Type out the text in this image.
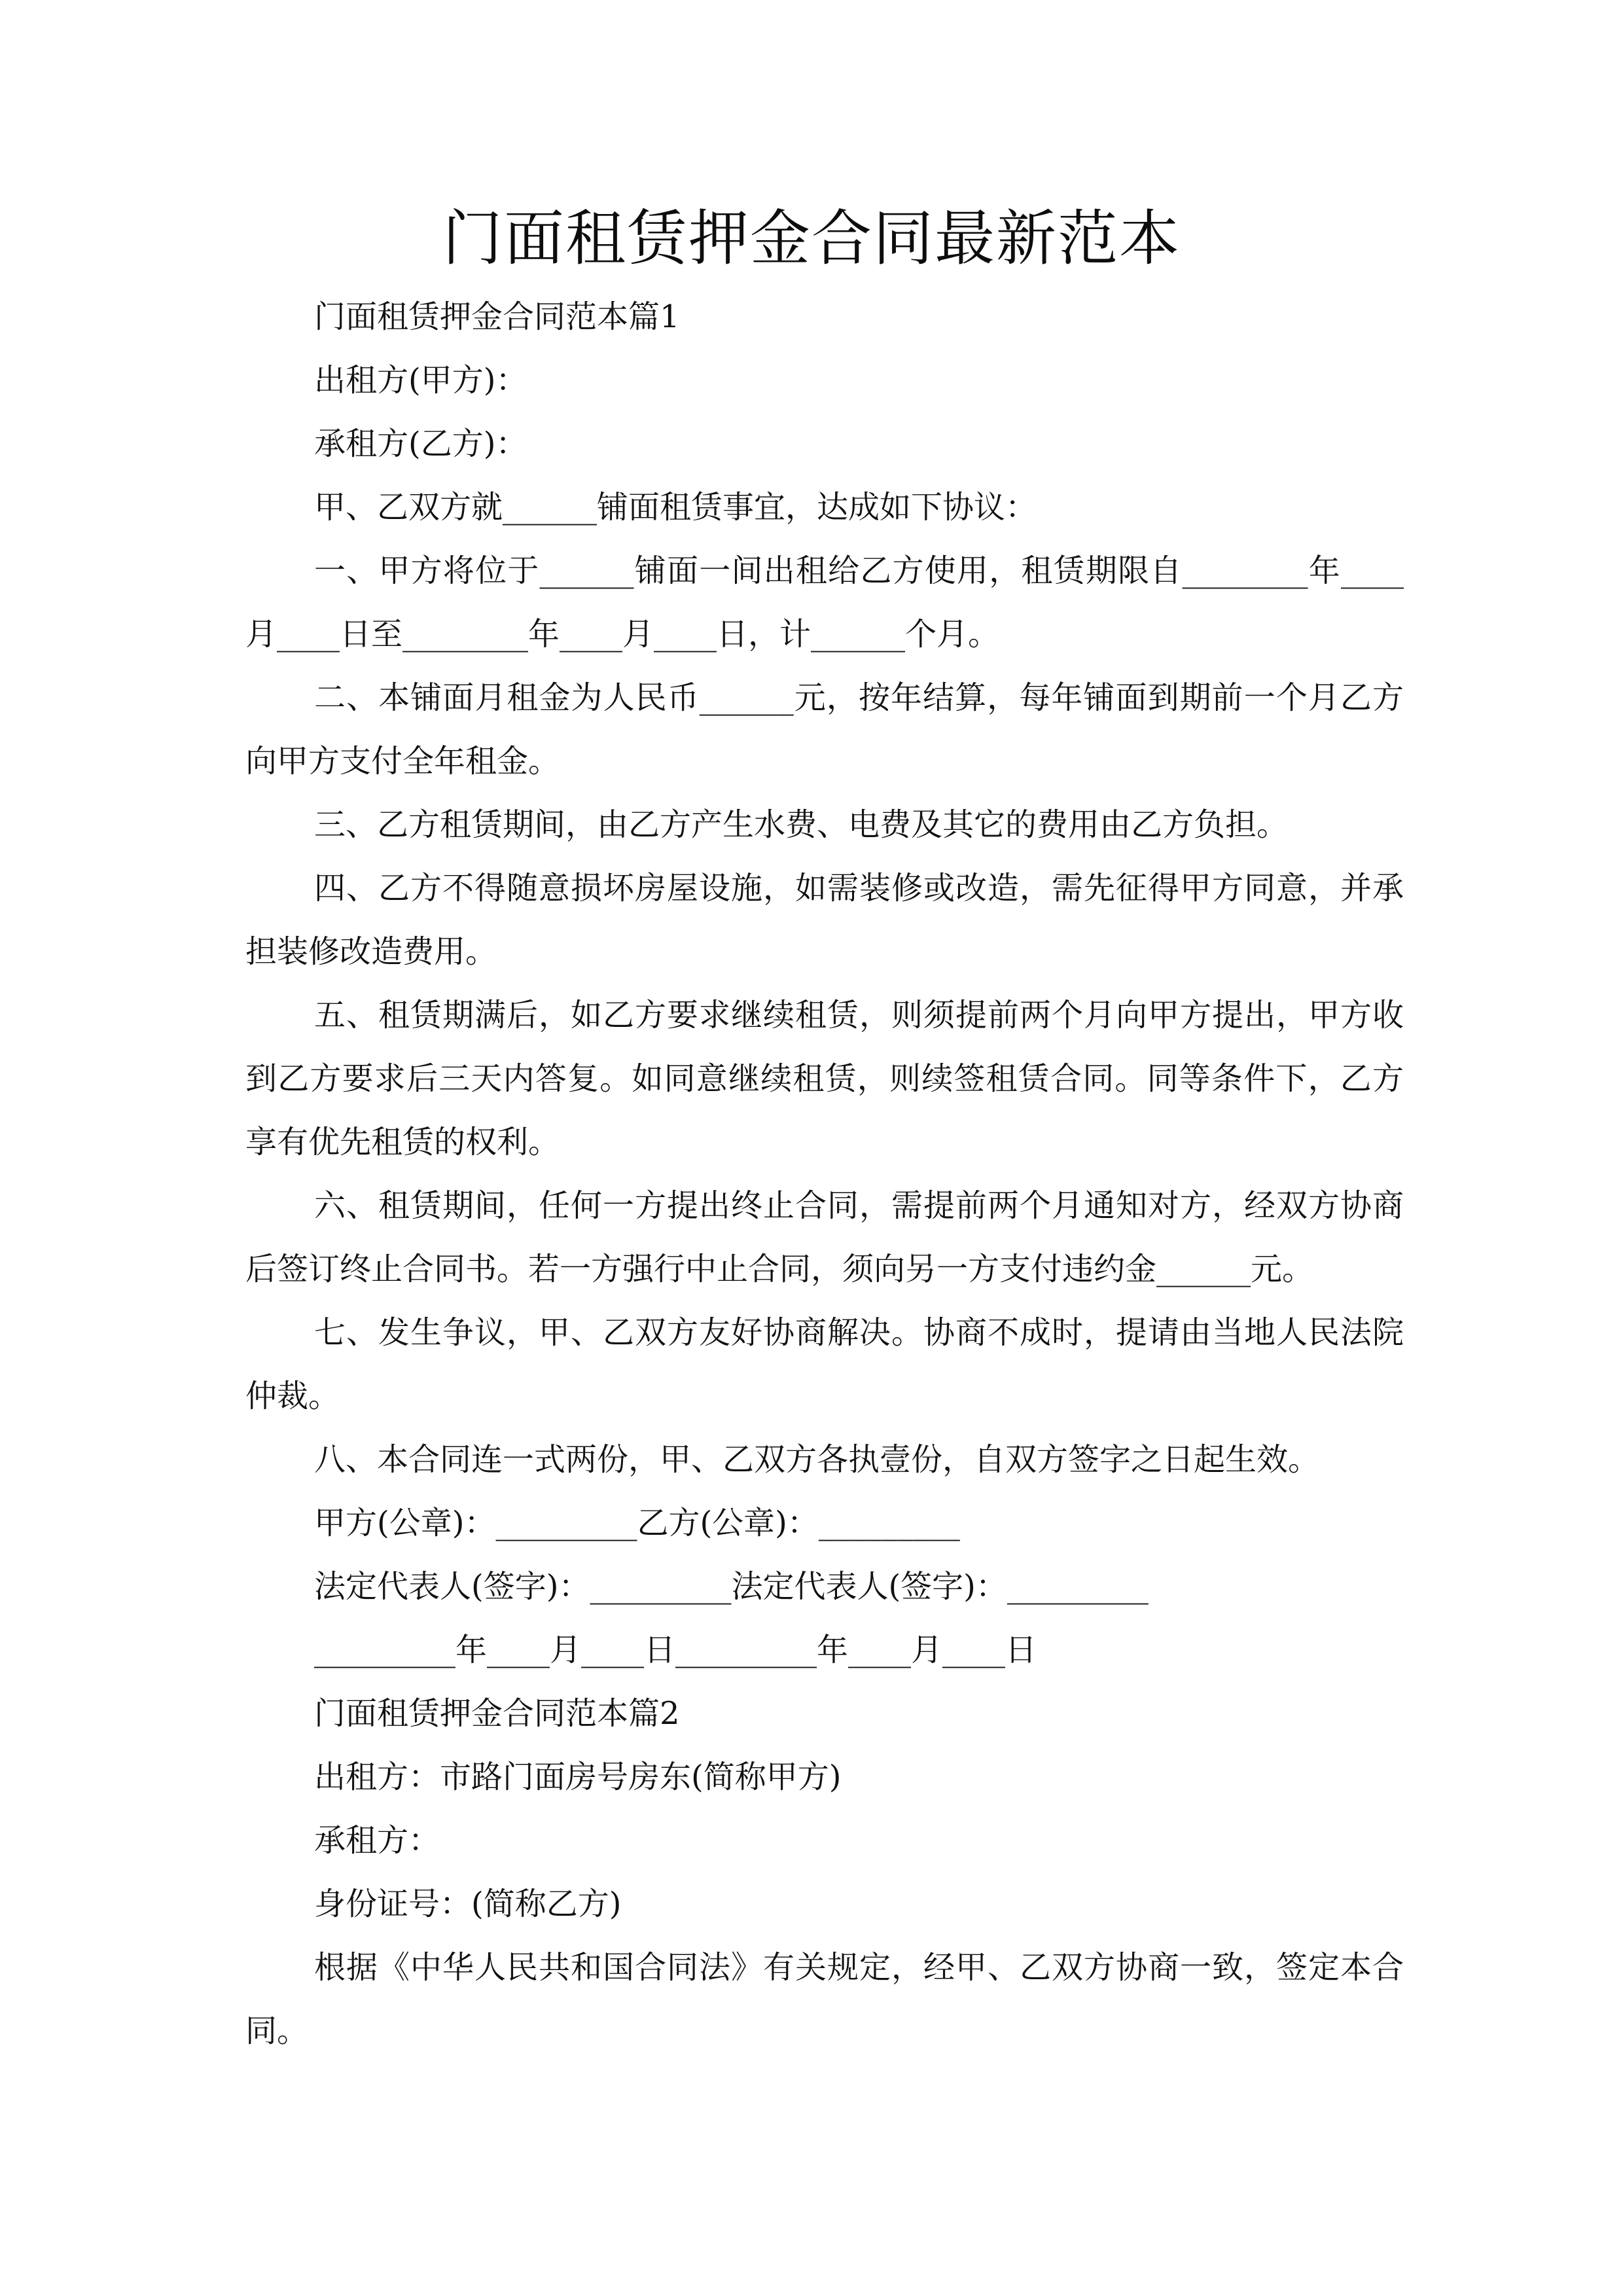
门面租赁押金合同最新范本

门面租赁押金合同范本篇1

出租方(甲方)：

承租方(乙方)：

甲、乙双方就______铺面租赁事宜，达成如下协议：

一、甲方将位于______铺面一间出租给乙方使用，租赁期限自________年____月____日至________年____月____日，计______个月。

二、本铺面月租金为人民币______元，按年结算，每年铺面到期前一个月乙方向甲方支付全年租金。

三、乙方租赁期间，由乙方产生水费、电费及其它的费用由乙方负担。

四、乙方不得随意损坏房屋设施，如需装修或改造，需先征得甲方同意，并承担装修改造费用。

五、租赁期满后，如乙方要求继续租赁，则须提前两个月向甲方提出，甲方收到乙方要求后三天内答复。如同意继续租赁，则续签租赁合同。同等条件下，乙方享有优先租赁的权利。

六、租赁期间，任何一方提出终止合同，需提前两个月通知对方，经双方协商后签订终止合同书。若一方强行中止合同，须向另一方支付违约金______元。

七、发生争议，甲、乙双方友好协商解决。协商不成时，提请由当地人民法院仲裁。

八、本合同连一式两份，甲、乙双方各执壹份，自双方签字之日起生效。

甲方(公章)：_________乙方(公章)：_________

法定代表人(签字)：_________法定代表人(签字)：_________

_________年____月____日_________年____月____日

门面租赁押金合同范本篇2

出租方：市路门面房号房东(简称甲方)

承租方：

身份证号：(简称乙方)

根据《中华人民共和国合同法》有关规定，经甲、乙双方协商一致，签定本合同。
